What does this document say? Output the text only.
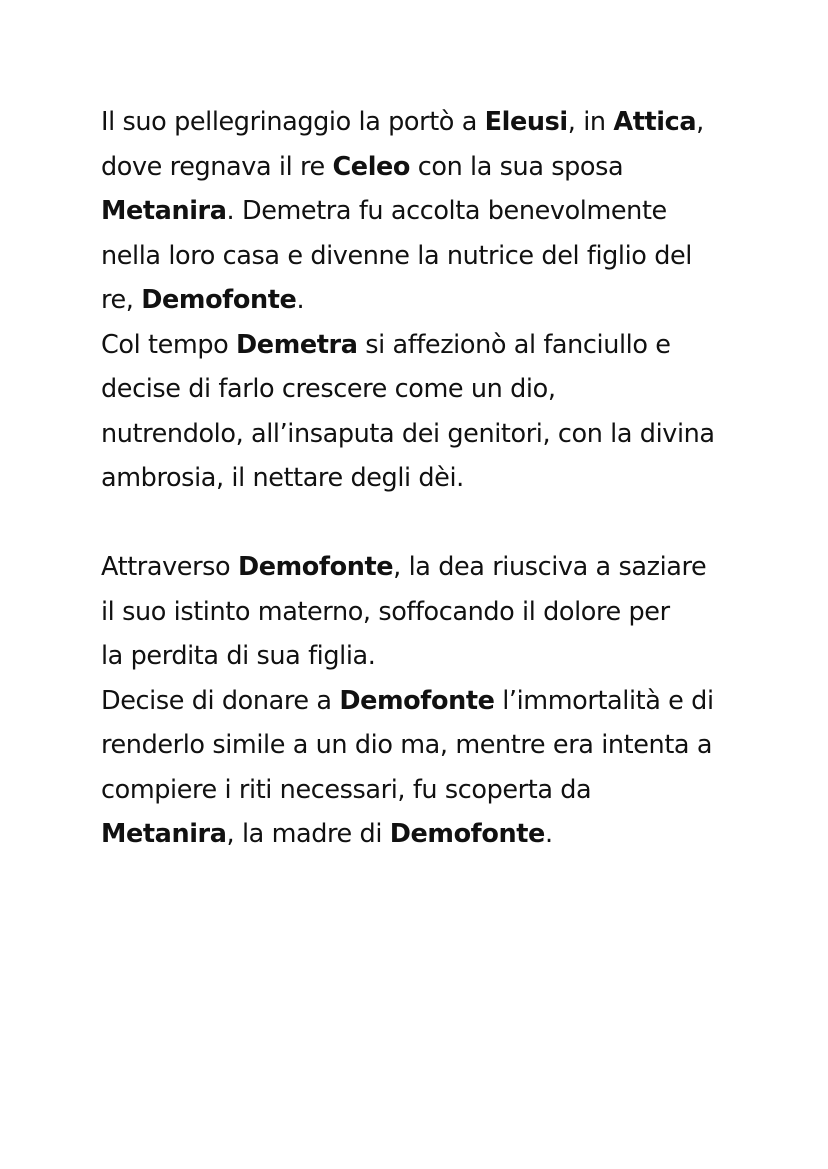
Il suo pellegrinaggio la portò a Eleusi, in Attica,
dove regnava il re Celeo con la sua sposa
Metanira. Demetra fu accolta benevolmente
nella loro casa e divenne la nutrice del figlio del
re, Demofonte.
Col tempo Demetra si affezionò al fanciullo e
decise di farlo crescere come un dio,
nutrendolo, all’insaputa dei genitori, con la divina
ambrosia, il nettare degli dèi.
Attraverso Demofonte, la dea riusciva a saziare
il suo istinto materno, soffocando il dolore per
la perdita di sua figlia.
Decise di donare a Demofonte l’immortalità e di
renderlo simile a un dio ma, mentre era intenta a
compiere i riti necessari, fu scoperta da
Metanira, la madre di Demofonte.
